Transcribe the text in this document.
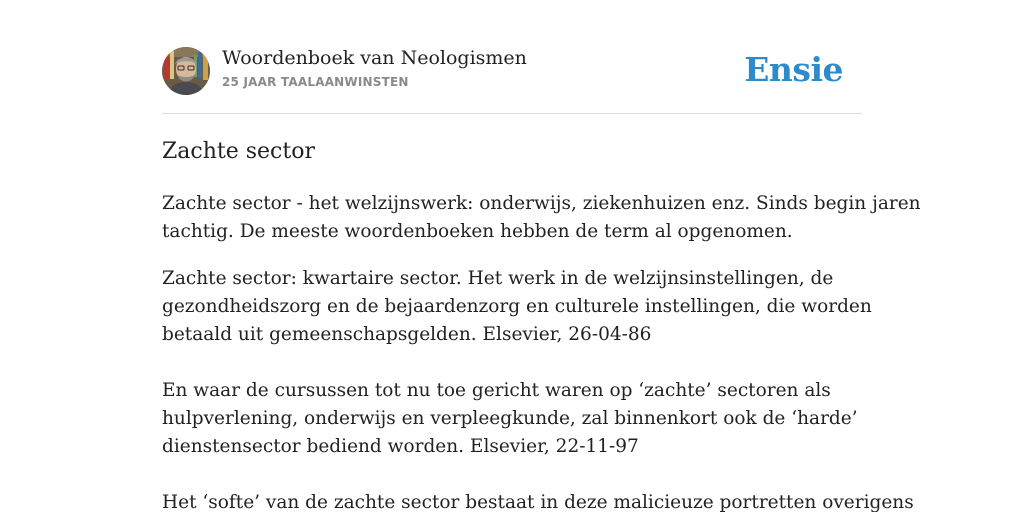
Woordenboek van Neologismen
25 JAAR TAALAANWINSTEN	Ensie
Zachte sector

Zachte sector - het welzijnswerk: onderwijs, ziekenhuizen enz. Sinds begin jaren
tachtig. De meeste woordenboeken hebben de term al opgenomen.

Zachte sector: kwartaire sector. Het werk in de welzijnsinstellingen, de
gezondheidszorg en de bejaardenzorg en culturele instellingen, die worden
betaald uit gemeenschapsgelden. Elsevier, 26-04-86
En waar de cursussen tot nu toe gericht waren op ‘zachte’ sectoren als
hulpverlening, onderwijs en verpleegkunde, zal binnenkort ook de ‘harde’
dienstensector bediend worden. Elsevier, 22-11-97
Het ‘softe’ van de zachte sector bestaat in deze malicieuze portretten overigens
